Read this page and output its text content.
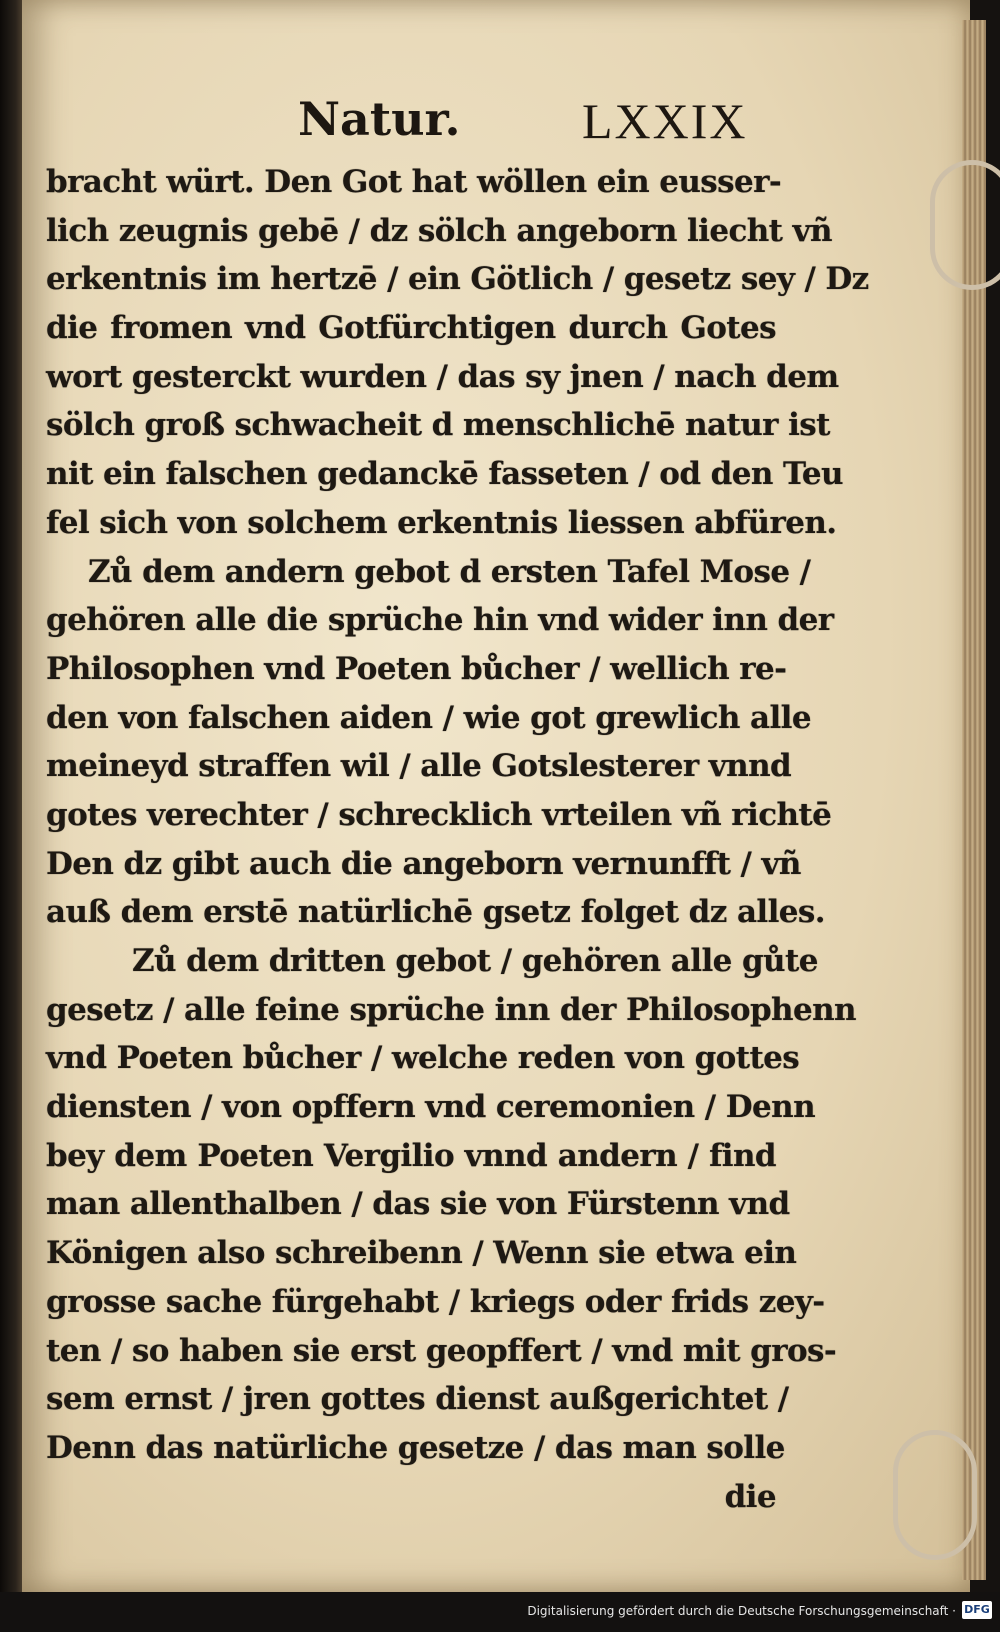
Natur. LXXIX
bracht würt. Den Got hat wöllen ein eusser-
lich zeugnis gebē / dz sölch angeborn liecht vñ
erkentnis im hertzē / ein Götlich / gesetz sey / Dz
die fromen vnd Gotfürchtigen durch Gotes
wort gesterckt wurden / das sy jnen / nach dem
sölch groß schwacheit d menschlichē natur ist
nit ein falschen gedanckē fasseten / od den Teu
fel sich von solchem erkentnis liessen abfüren.
Zů dem andern gebot d ersten Tafel Mose /
gehören alle die sprüche hin vnd wider inn der
Philosophen vnd Poeten bůcher / wellich re-
den von falschen aiden / wie got grewlich alle
meineyd straffen wil / alle Gotslesterer vnnd
gotes verechter / schrecklich vrteilen vñ richtē
Den dz gibt auch die angeborn vernunfft / vñ
auß dem erstē natürlichē gsetz folget dz alles.
Zů dem dritten gebot / gehören alle gůte
gesetz / alle feine sprüche inn der Philosophenn
vnd Poeten bůcher / welche reden von gottes
diensten / von opffern vnd ceremonien / Denn
bey dem Poeten Vergilio vnnd andern / find
man allenthalben / das sie von Fürstenn vnd
Königen also schreibenn / Wenn sie etwa ein
grosse sache fürgehabt / kriegs oder frids zey-
ten / so haben sie erst geopffert / vnd mit gros-
sem ernst / jren gottes dienst außgerichtet /
Denn das natürliche gesetze / das man solle
die
Digitalisierung gefördert durch die Deutsche Forschungsgemeinschaft · DFG
